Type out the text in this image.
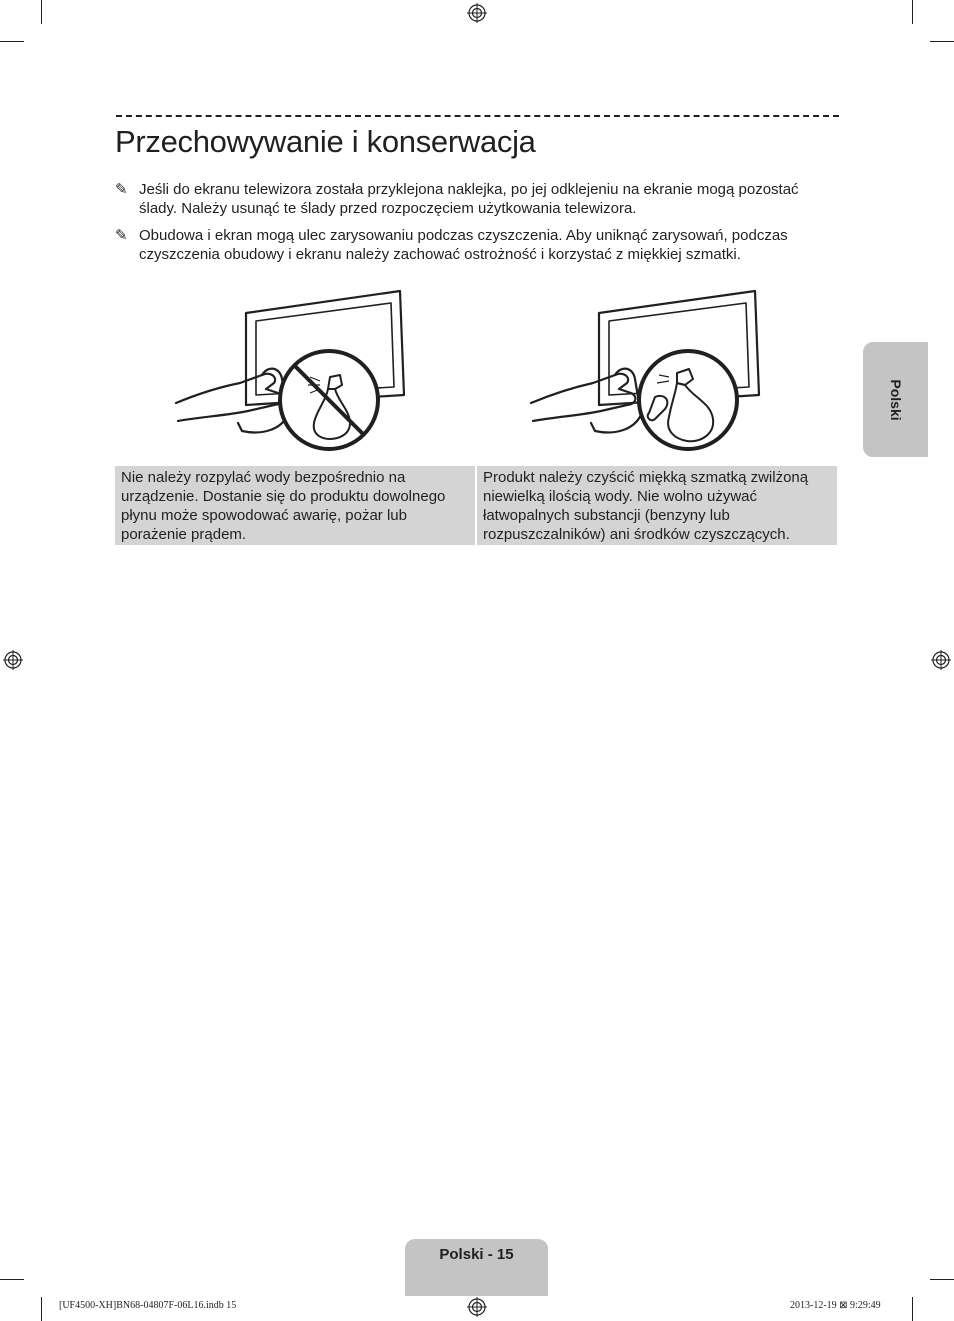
Przechowywanie i konserwacja
✎ Jeśli do ekranu telewizora została przyklejona naklejka, po jej odklejeniu na ekranie mogą pozostać ślady. Należy usunąć te ślady przed rozpoczęciem użytkowania telewizora.
✎ Obudowa i ekran mogą ulec zarysowaniu podczas czyszczenia. Aby uniknąć zarysowań, podczas czyszczenia obudowy i ekranu należy zachować ostrożność i korzystać z miękkiej szmatki.
Nie należy rozpylać wody bezpośrednio na urządzenie. Dostanie się do produktu dowolnego płynu może spowodować awarię, pożar lub porażenie prądem.
Produkt należy czyścić miękką szmatką zwilżoną niewielką ilością wody. Nie wolno używać łatwopalnych substancji (benzyny lub rozpuszczalników) ani środków czyszczących.
Polski
Polski - 15
[UF4500-XH]BN68-04807F-06L16.indb 15	2013-12-19 ⊠ 9:29:49
